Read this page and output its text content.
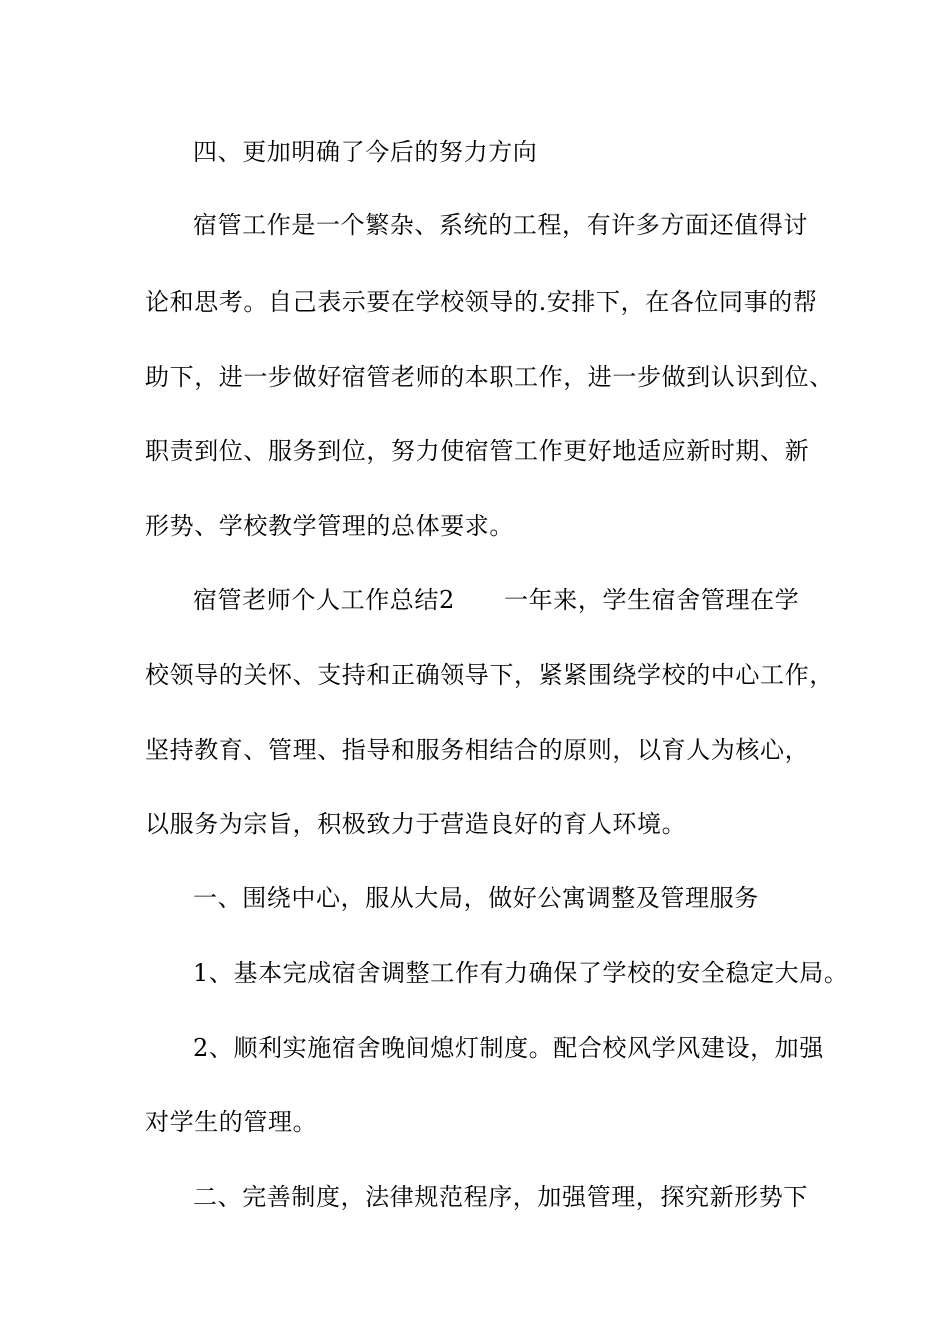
四、更加明确了今后的努力方向
宿管工作是一个繁杂、系统的工程，有许多方面还值得讨
论和思考。自己表示要在学校领导的.安排下，在各位同事的帮
助下，进一步做好宿管老师的本职工作，进一步做到认识到位、
职责到位、服务到位，努力使宿管工作更好地适应新时期、新
形势、学校教学管理的总体要求。
宿管老师个人工作总结2　　一年来，学生宿舍管理在学
校领导的关怀、支持和正确领导下，紧紧围绕学校的中心工作，
坚持教育、管理、指导和服务相结合的原则，以育人为核心，
以服务为宗旨，积极致力于营造良好的育人环境。
一、围绕中心，服从大局，做好公寓调整及管理服务
1、基本完成宿舍调整工作有力确保了学校的安全稳定大局。
2、顺利实施宿舍晚间熄灯制度。配合校风学风建设，加强
对学生的管理。
二、完善制度，法律规范程序，加强管理，探究新形势下
